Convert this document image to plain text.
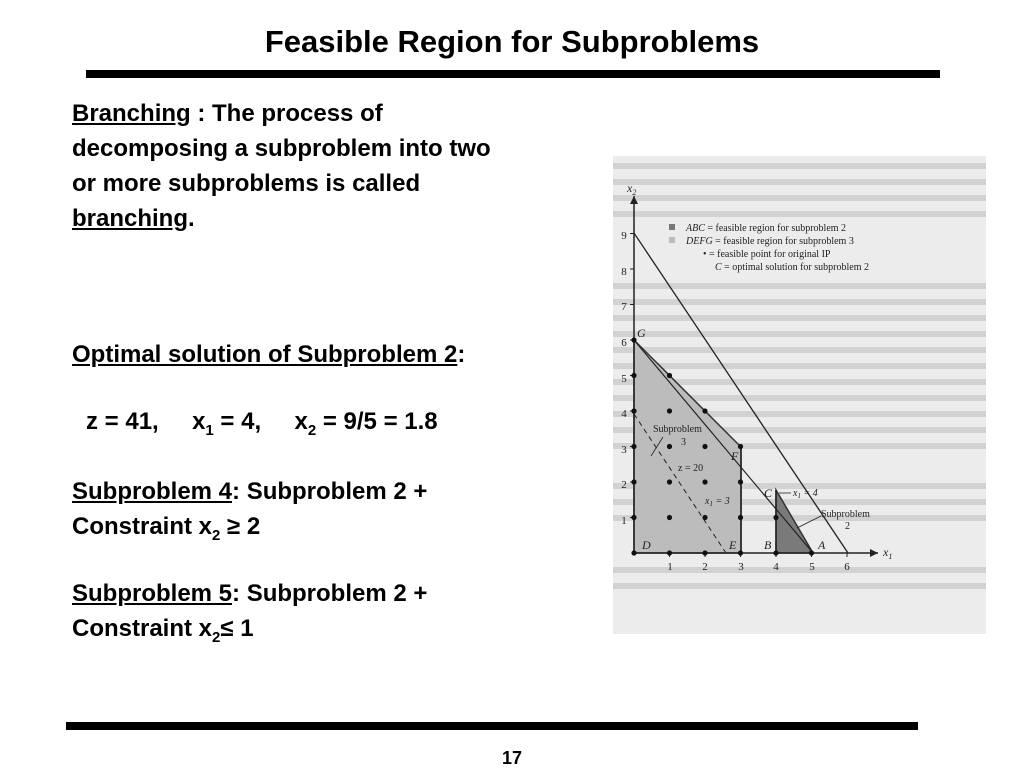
Feasible Region for Subproblems
Branching : The process of
decomposing a subproblem into two
or more subproblems is called
branching.
Optimal solution of Subproblem 2:
z = 41, $x_1 = 4$, $x_2 = 9/5 = 1.8$
Subproblem 4: Subproblem 2 +
Constraint $x_2 \ge 2$
Subproblem 5: Subproblem 2 +
Constraint $x_2\le 1$
1	2	3	4	5	6
1
2
3
4
5
6
7
8
9
$x_1$
$x_2$
A
B
C
D	E
F
G
Subproblem
3
z = 20
$x_1 = 3$
$x_1 = 4$
Subproblem
2
ABC = feasible region for subproblem 2
DEFG = feasible region for subproblem 3
• = feasible point for original IP
C = optimal solution for subproblem 2
17
